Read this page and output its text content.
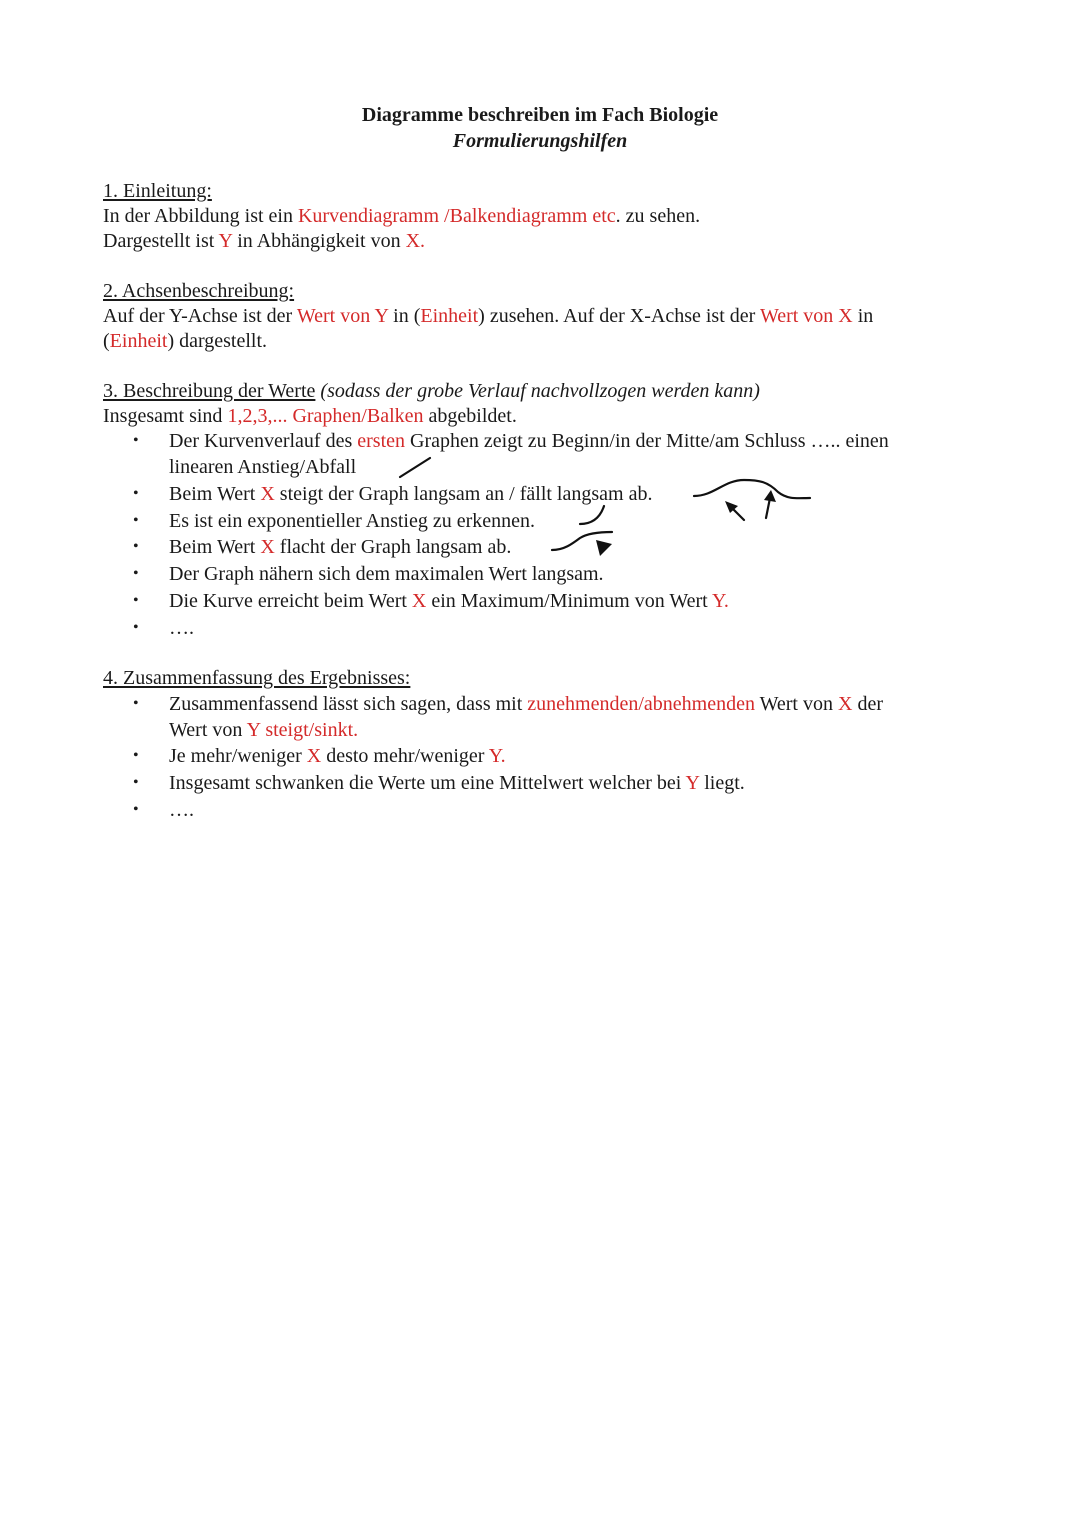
Diagramme beschreiben im Fach Biologie
Formulierungshilfen
1. Einleitung:
In der Abbildung ist ein Kurvendiagramm /Balkendiagramm etc. zu sehen.
Dargestellt ist Y in Abhängigkeit von X.
2. Achsenbeschreibung:
Auf der Y-Achse ist der Wert von Y in (Einheit) zusehen. Auf der X-Achse ist der Wert von X in
(Einheit) dargestellt.
3. Beschreibung der Werte (sodass der grobe Verlauf nachvollzogen werden kann)
Insgesamt sind 1,2,3,... Graphen/Balken abgebildet.
• Der Kurvenverlauf des ersten Graphen zeigt zu Beginn/in der Mitte/am Schluss ….. einen
linearen Anstieg/Abfall
• Beim Wert X steigt der Graph langsam an / fällt langsam ab.
• Es ist ein exponentieller Anstieg zu erkennen.
• Beim Wert X flacht der Graph langsam ab.
• Der Graph nähern sich dem maximalen Wert langsam.
• Die Kurve erreicht beim Wert X ein Maximum/Minimum von Wert Y.
• ….
4. Zusammenfassung des Ergebnisses:
• Zusammenfassend lässt sich sagen, dass mit zunehmenden/abnehmenden Wert von X der
Wert von Y steigt/sinkt.
• Je mehr/weniger X desto mehr/weniger Y.
• Insgesamt schwanken die Werte um eine Mittelwert welcher bei Y liegt.
• ….
